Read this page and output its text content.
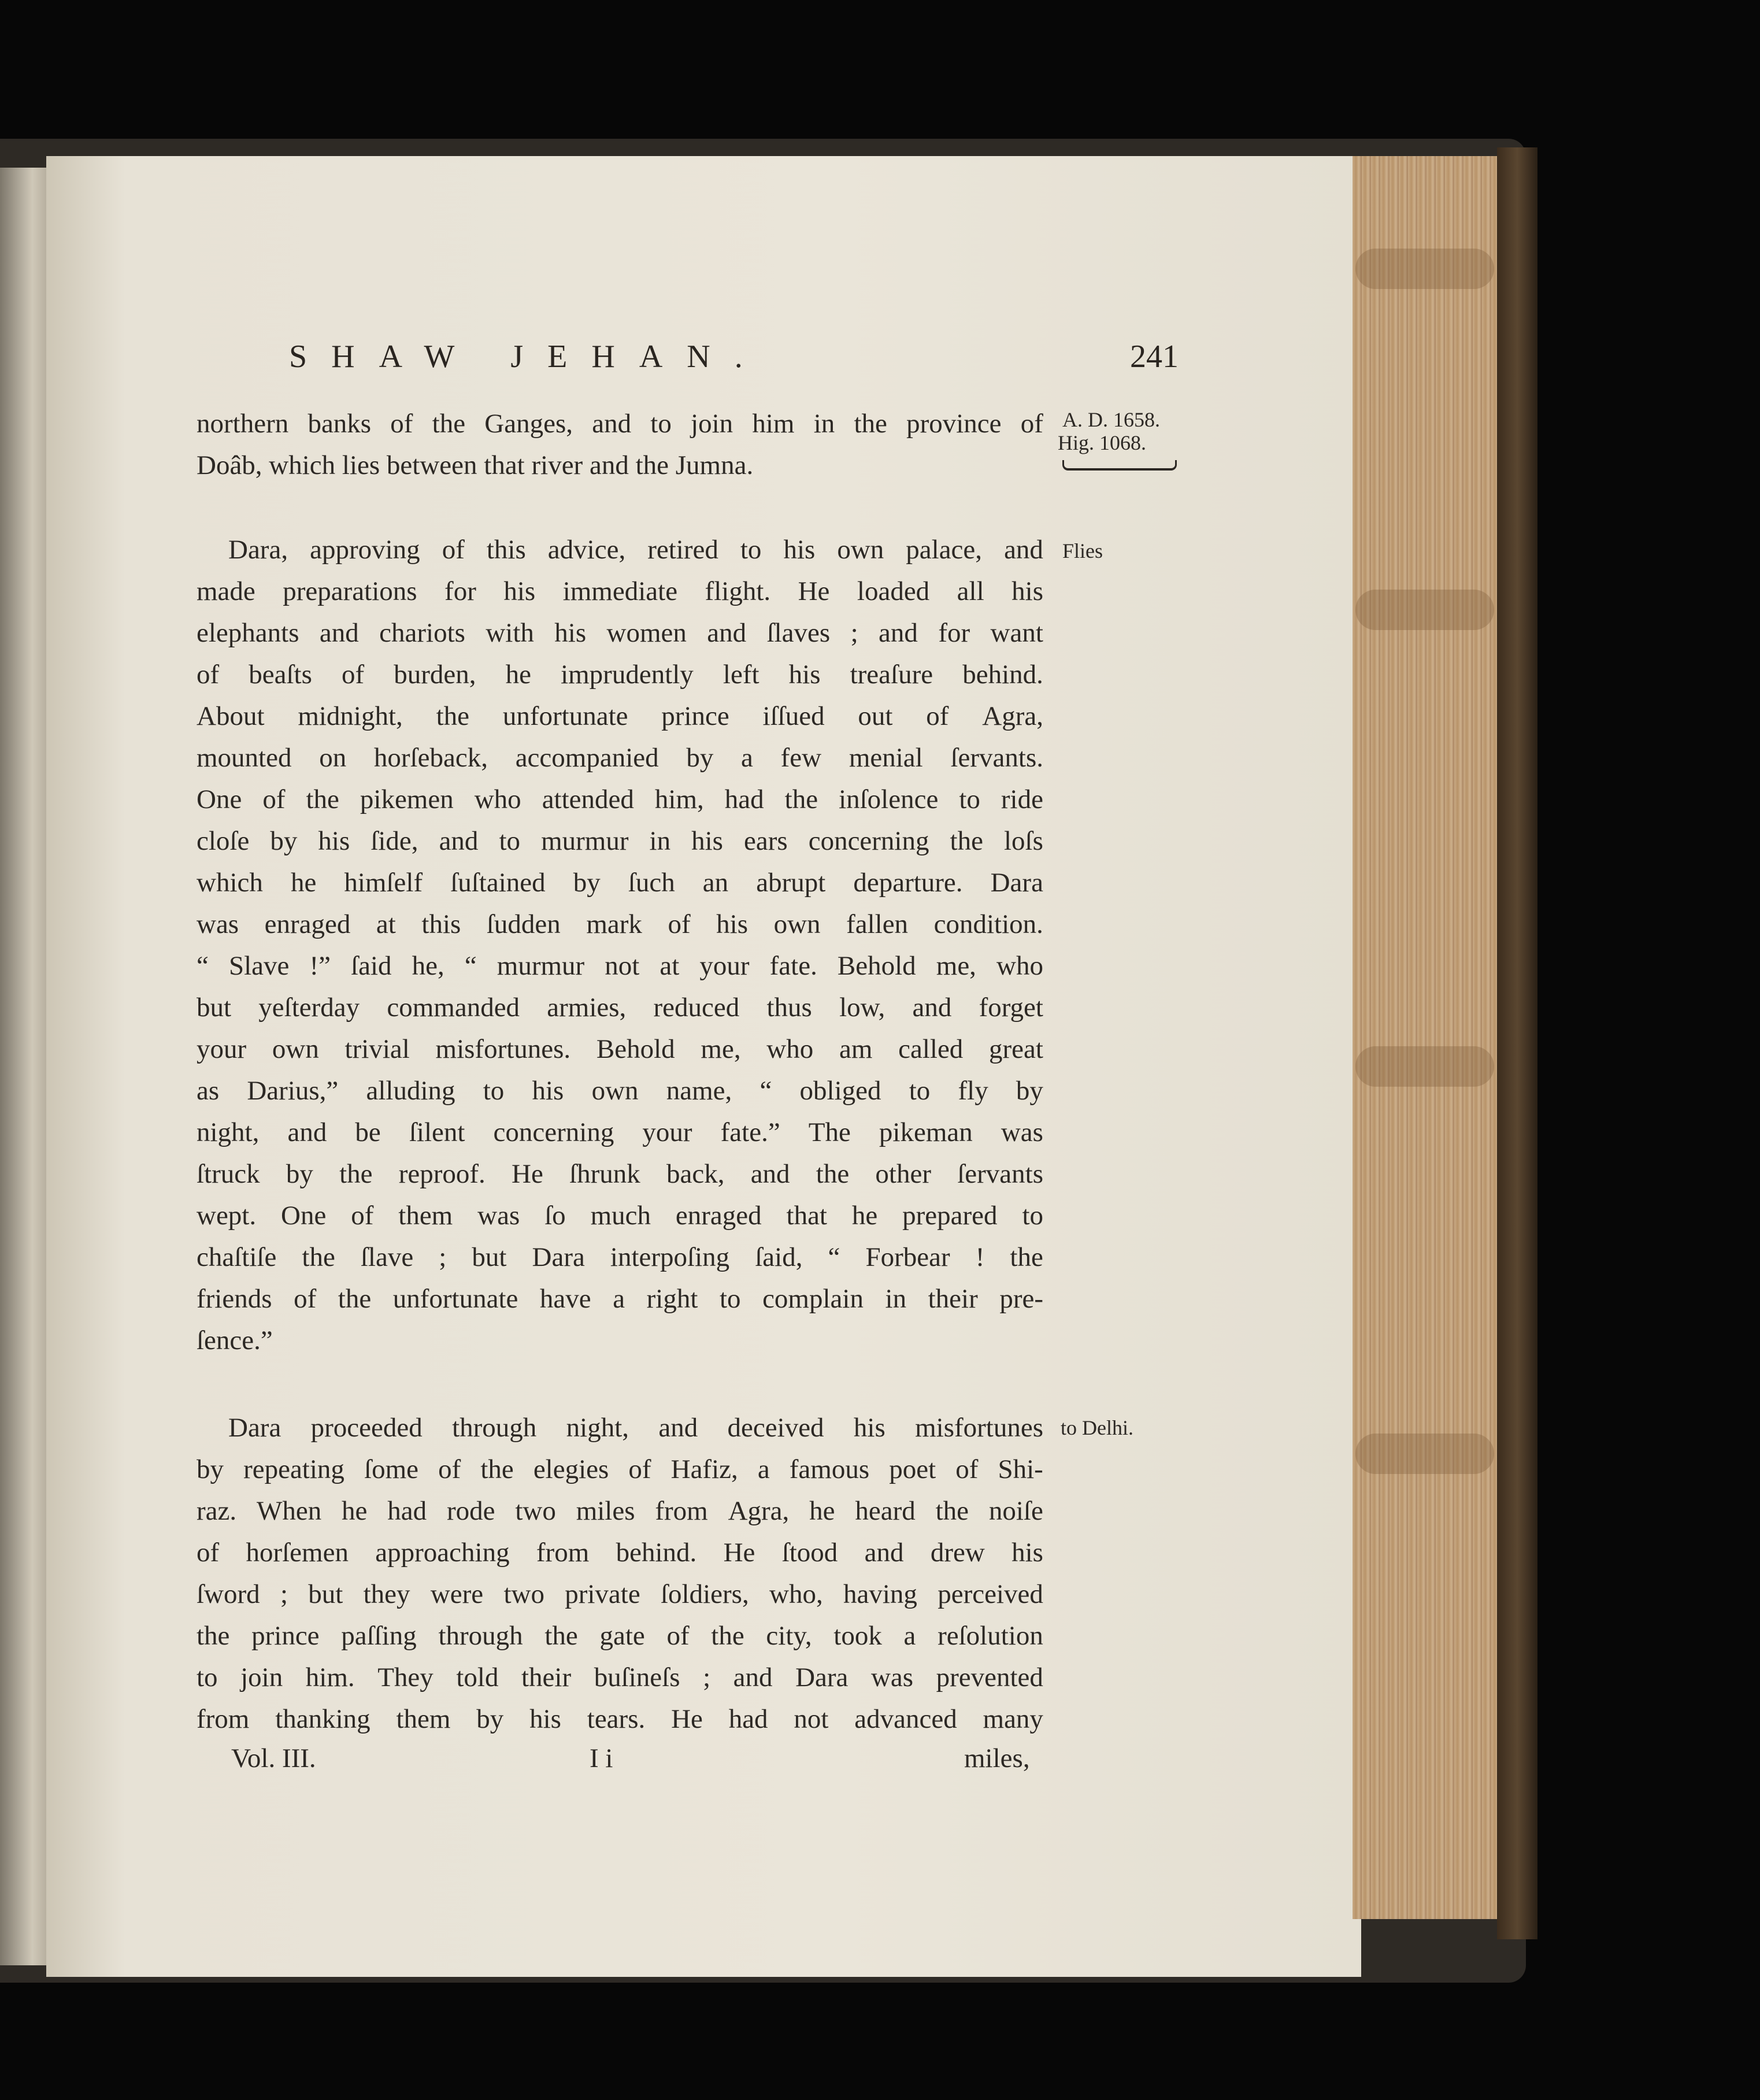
SHAW JEHAN.	241
A. D. 1658.
Hig. 1068.
Flies
to Delhi.
northern banks of the Ganges, and to join him in the province of
Doâb, which lies between that river and the Jumna.
Dara, approving of this advice, retired to his own palace, and
made preparations for his immediate flight. He loaded all his
elephants and chariots with his women and ſlaves ; and for want
of beaſts of burden, he imprudently left his treaſure behind.
About midnight, the unfortunate prince iſſued out of Agra,
mounted on horſeback, accompanied by a few menial ſervants.
One of the pikemen who attended him, had the inſolence to ride
cloſe by his ſide, and to murmur in his ears concerning the loſs
which he himſelf ſuſtained by ſuch an abrupt departure. Dara
was enraged at this ſudden mark of his own fallen condition.
“ Slave !” ſaid he, “ murmur not at your fate. Behold me, who
but yeſterday commanded armies, reduced thus low, and forget
your own trivial misfortunes. Behold me, who am called great
as Darius,” alluding to his own name, “ obliged to fly by
night, and be ſilent concerning your fate.” The pikeman was
ſtruck by the reproof. He ſhrunk back, and the other ſervants
wept. One of them was ſo much enraged that he prepared to
chaſtiſe the ſlave ; but Dara interpoſing ſaid, “ Forbear ! the
friends of the unfortunate have a right to complain in their pre-
ſence.”
Dara proceeded through night, and deceived his misfortunes
by repeating ſome of the elegies of Hafiz, a famous poet of Shi-
raz. When he had rode two miles from Agra, he heard the noiſe
of horſemen approaching from behind. He ſtood and drew his
ſword ; but they were two private ſoldiers, who, having perceived
the prince paſſing through the gate of the city, took a reſolution
to join him. They told their buſineſs ; and Dara was prevented
from thanking them by his tears. He had not advanced many
Vol. III.	I i	miles,
